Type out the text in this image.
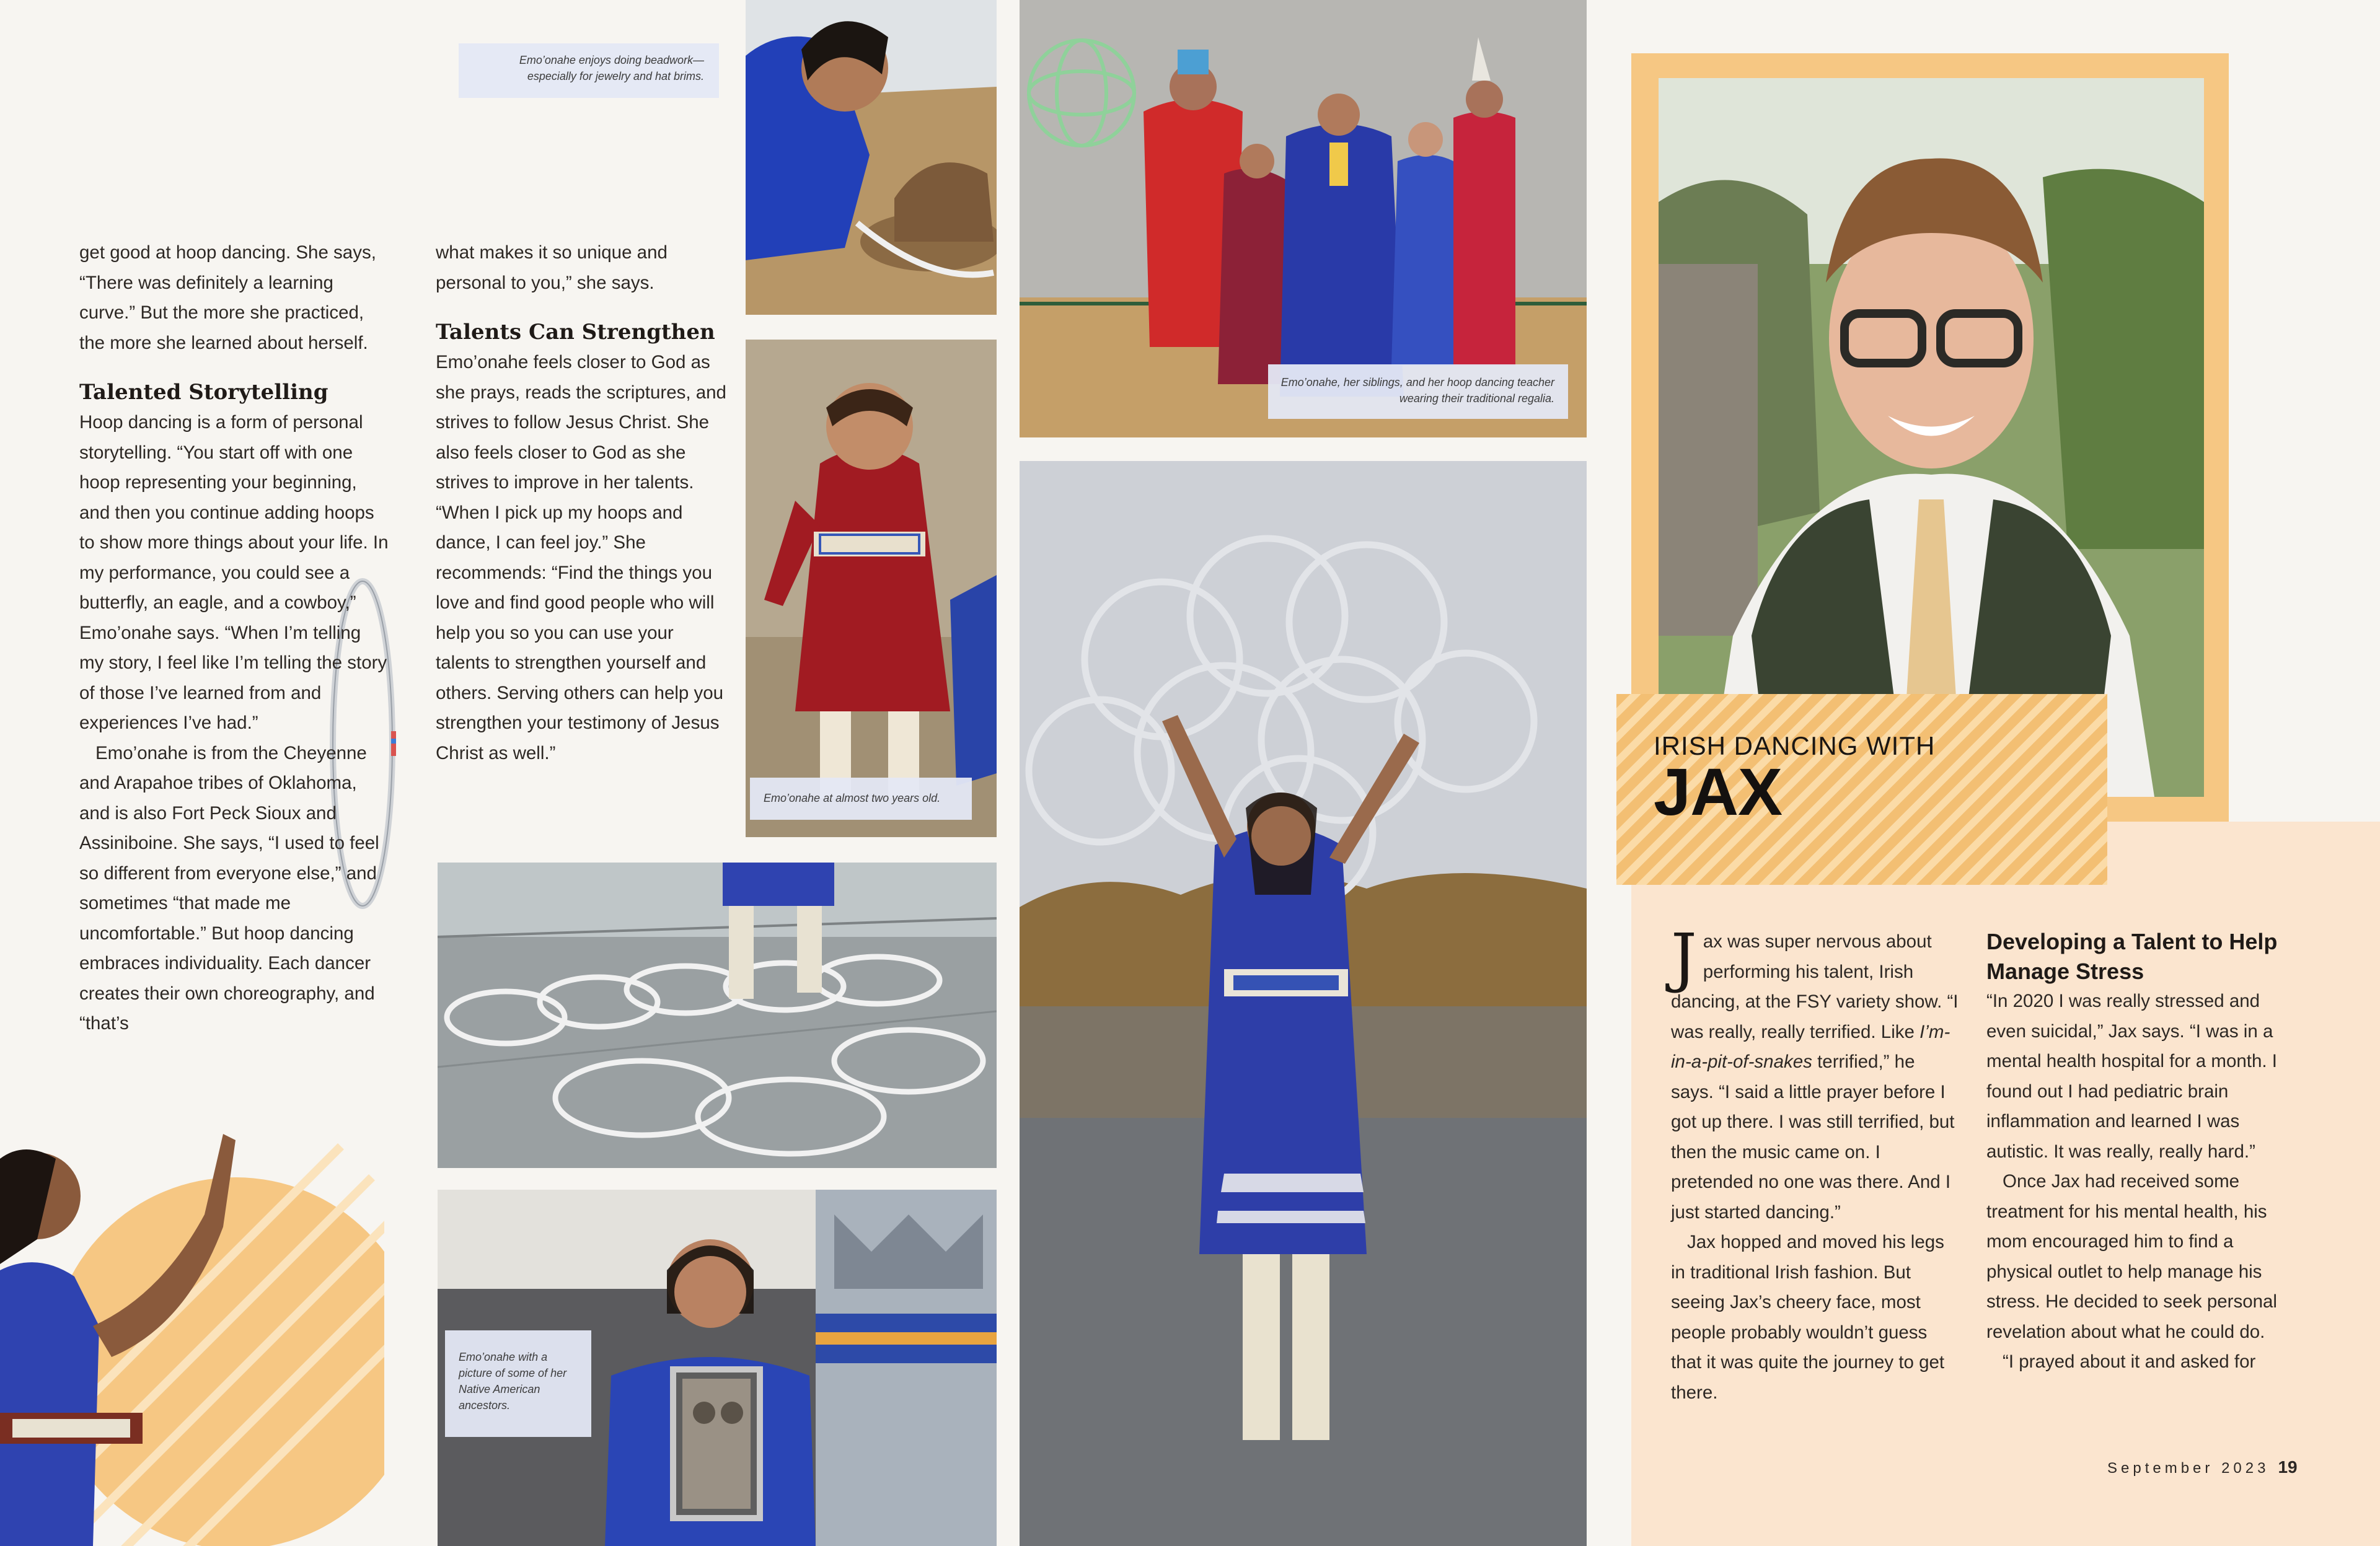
get good at hoop dancing. She says, “There was definitely a learning curve.” But the more she practiced, the more she learned about herself.

Talented Storytelling

Hoop dancing is a form of personal storytelling. “You start off with one hoop representing your beginning, and then you continue adding hoops to show more things about your life. In my performance, you could see a butterfly, an eagle, and a cowboy,” Emo’onahe says. “When I’m telling my story, I feel like I’m telling the story of those I’ve learned from and experiences I’ve had.”

Emo’onahe is from the Cheyenne and Arapahoe tribes of Oklahoma, and is also Fort Peck Sioux and Assiniboine. She says, “I used to feel so different from everyone else,” and sometimes “that made me uncomfortable.” But hoop dancing embraces individuality. Each dancer creates their own choreography, and “that’s

what makes it so unique and personal to you,” she says.

Talents Can Strengthen

Emo’onahe feels closer to God as she prays, reads the scriptures, and strives to follow Jesus Christ. She also feels closer to God as she strives to improve in her talents. “When I pick up my hoops and dance, I can feel joy.” She recommends: “Find the things you love and find good people who will help you so you can use your talents to strengthen yourself and others. Serving others can help you strengthen your testimony of Jesus Christ as well.”

Emo’onahe enjoys doing beadwork— especially for jewelry and hat brims.
Emo’onahe at almost two years old.
Emo’onahe with a picture of some of her Native American ancestors.
Emo’onahe, her siblings, and her hoop dancing teacher wearing their traditional regalia.
IRISH DANCING WITH
JAX

Jax was super nervous about performing his talent, Irish dancing, at the FSY variety show. “I was really, really terrified. Like I’m-in-a-pit-of-snakes terrified,” he says. “I said a little prayer before I got up there. I was still terrified, but then the music came on. I pretended no one was there. And I just started dancing.”

Jax hopped and moved his legs in traditional Irish fashion. But seeing Jax’s cheery face, most people probably wouldn’t guess that it was quite the journey to get there.

Developing a Talent to Help Manage Stress

“In 2020 I was really stressed and even suicidal,” Jax says. “I was in a mental health hospital for a month. I found out I had pediatric brain inflammation and learned I was autistic. It was really, really hard.”

Once Jax had received some treatment for his mental health, his mom encouraged him to find a physical outlet to help manage his stress. He decided to seek personal revelation about what he could do.

“I prayed about it and asked for

September 2023 19
